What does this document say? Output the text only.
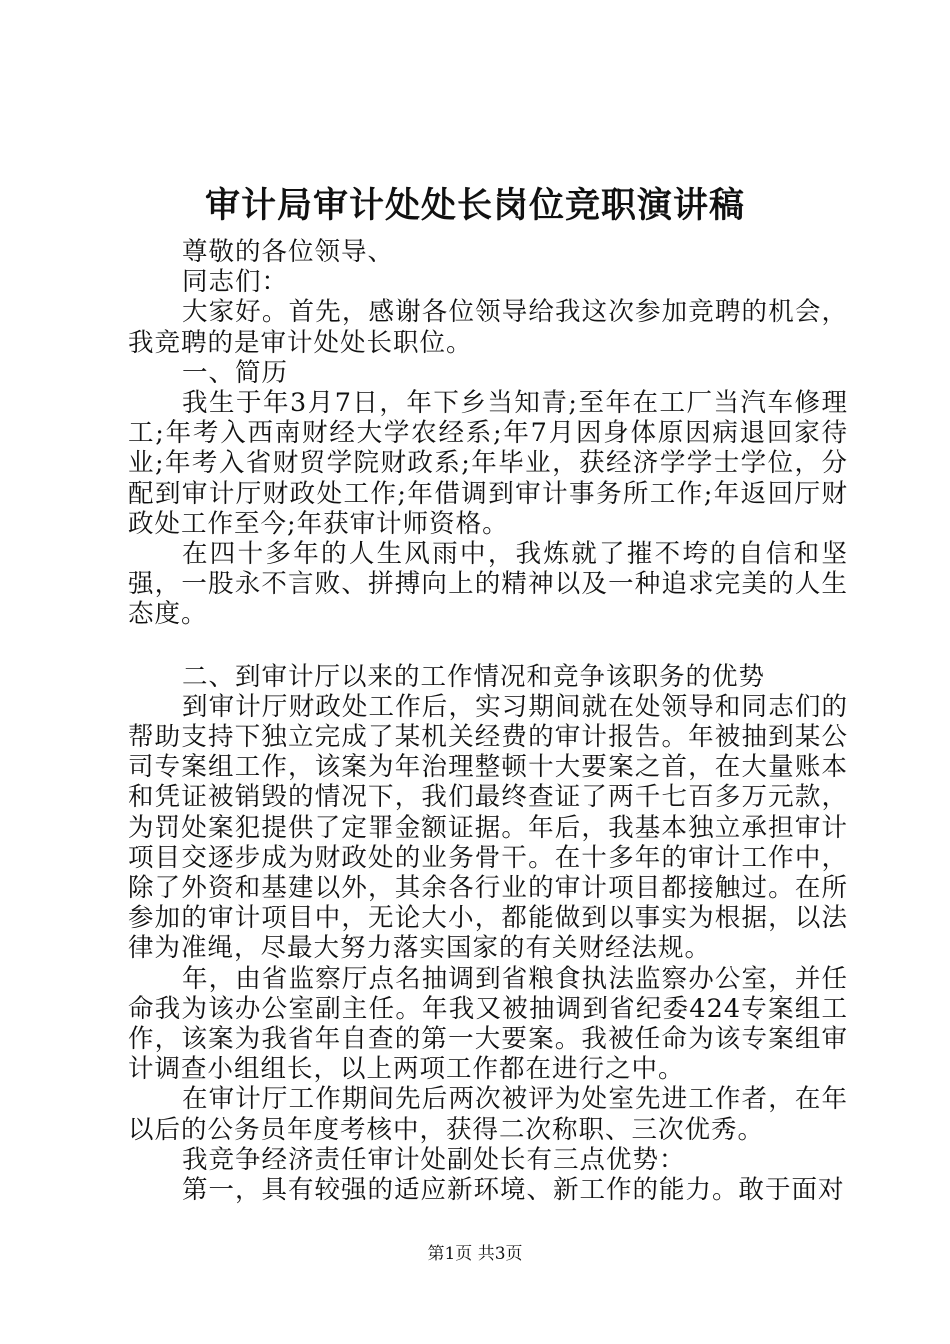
审计局审计处处长岗位竞职演讲稿

尊敬的各位领导、

同志们：

大家好。首先，感谢各位领导给我这次参加竞聘的机会，我竞聘的是审计处处长职位。

一、简历

我生于年3月7日，年下乡当知青;至年在工厂当汽车修理工;年考入西南财经大学农经系;年7月因身体原因病退回家待业;年考入省财贸学院财政系;年毕业，获经济学学士学位，分配到审计厅财政处工作;年借调到审计事务所工作;年返回厅财政处工作至今;年获审计师资格。

在四十多年的人生风雨中，我炼就了摧不垮的自信和坚强，一股永不言败、拼搏向上的精神以及一种追求完美的人生态度。

二、到审计厅以来的工作情况和竞争该职务的优势

到审计厅财政处工作后，实习期间就在处领导和同志们的帮助支持下独立完成了某机关经费的审计报告。年被抽到某公司专案组工作，该案为年治理整顿十大要案之首，在大量账本和凭证被销毁的情况下，我们最终查证了两千七百多万元款，为罚处案犯提供了定罪金额证据。年后，我基本独立承担审计项目交逐步成为财政处的业务骨干。在十多年的审计工作中，除了外资和基建以外，其余各行业的审计项目都接触过。在所参加的审计项目中，无论大小，都能做到以事实为根据，以法律为准绳，尽最大努力落实国家的有关财经法规。

年，由省监察厅点名抽调到省粮食执法监察办公室，并任命我为该办公室副主任。年我又被抽调到省纪委424专案组工作，该案为我省年自查的第一大要案。我被任命为该专案组审计调查小组组长，以上两项工作都在进行之中。

在审计厅工作期间先后两次被评为处室先进工作者，在年以后的公务员年度考核中，获得二次称职、三次优秀。

我竞争经济责任审计处副处长有三点优势：

第一，具有较强的适应新环境、新工作的能力。敢于面对

第1页 共3页
